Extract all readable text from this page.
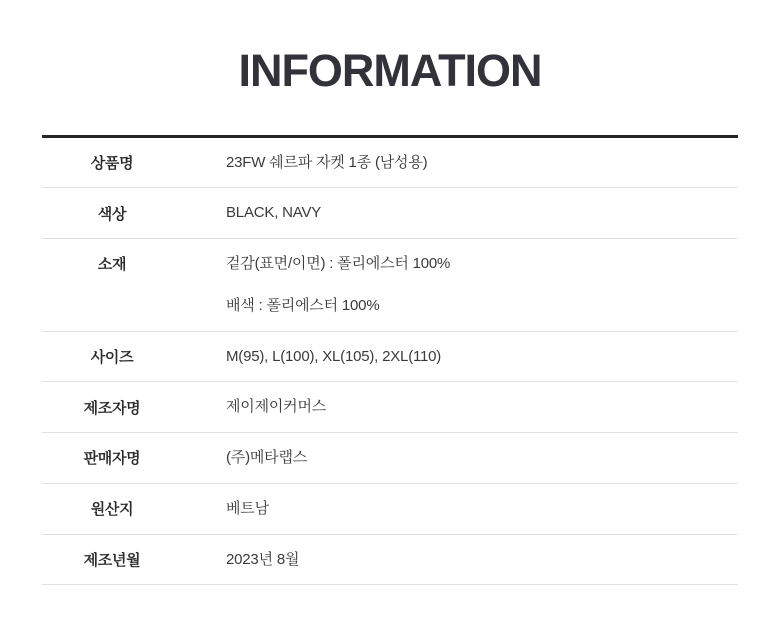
INFORMATION
상품명	23FW 쉐르파 자켓 1종 (남성용)
색상	BLACK, NAVY
소재	겉감(표면/이면) : 폴리에스터 100%
배색 : 폴리에스터 100%

사이즈	M(95), L(100), XL(105), 2XL(110)
제조자명	제이제이커머스
판매자명	(주)메타랩스
원산지	베트남
제조년월	2023년 8월
